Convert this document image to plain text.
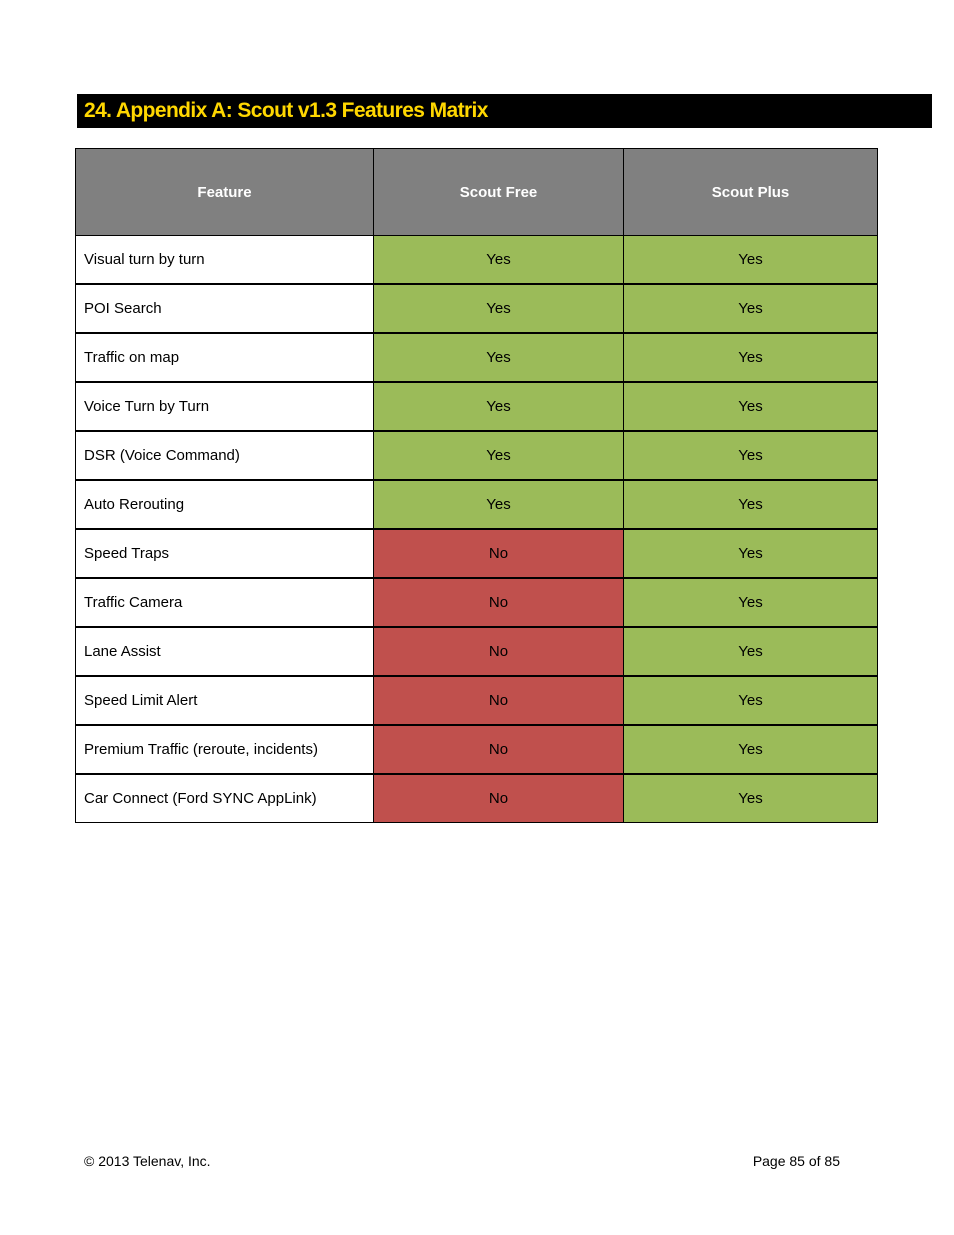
24. Appendix A: Scout v1.3 Features Matrix
Feature	Scout Free	Scout Plus
Visual turn by turn	Yes	Yes
POI Search	Yes	Yes
Traffic on map	Yes	Yes
Voice Turn by Turn	Yes	Yes
DSR (Voice Command)	Yes	Yes
Auto Rerouting	Yes	Yes
Speed Traps	No	Yes
Traffic Camera	No	Yes
Lane Assist	No	Yes
Speed Limit Alert	No	Yes
Premium Traffic (reroute, incidents)	No	Yes
Car Connect (Ford SYNC AppLink)	No	Yes
© 2013 Telenav, Inc.	Page 85 of 85
